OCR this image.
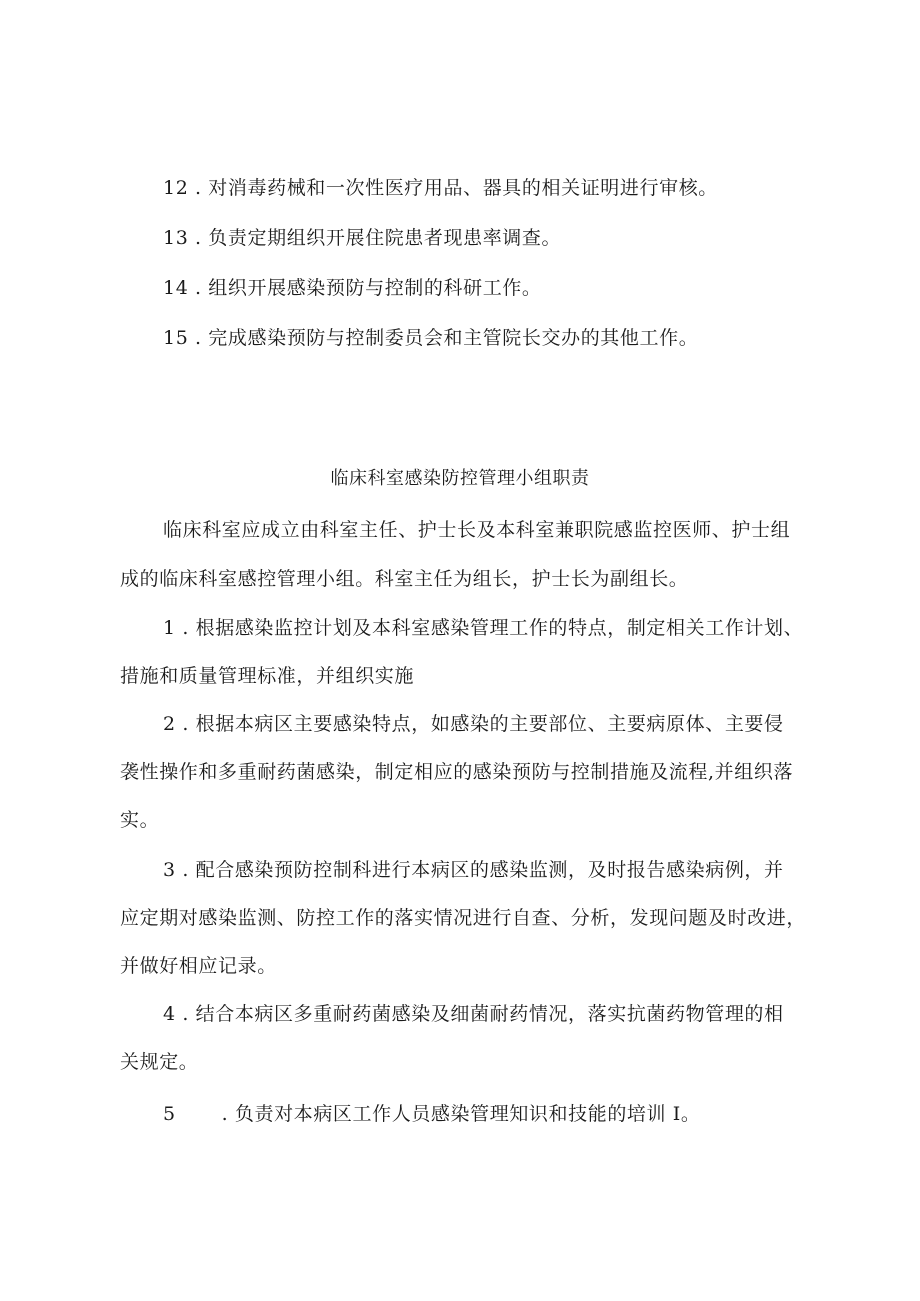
12 . 对消毒药械和一次性医疗用品、器具的相关证明进行审核。
13 . 负责定期组织开展住院患者现患率调查。
14 . 组织开展感染预防与控制的科研工作。
15 . 完成感染预防与控制委员会和主管院长交办的其他工作。
临床科室感染防控管理小组职责
临床科室应成立由科室主任、护士长及本科室兼职院感监控医师、护士组
成的临床科室感控管理小组。科室主任为组长，护士长为副组长。
1 . 根据感染监控计划及本科室感染管理工作的特点，制定相关工作计划、
措施和质量管理标准，并组织实施
2 . 根据本病区主要感染特点，如感染的主要部位、主要病原体、主要侵
袭性操作和多重耐药菌感染，制定相应的感染预防与控制措施及流程,并组织落
实。
3 . 配合感染预防控制科进行本病区的感染监测，及时报告感染病例，并
应定期对感染监测、防控工作的落实情况进行自查、分析，发现问题及时改进，
并做好相应记录。
4 . 结合本病区多重耐药菌感染及细菌耐药情况，落实抗菌药物管理的相
关规定。
5 . 负责对本病区工作人员感染管理知识和技能的培训 I。
